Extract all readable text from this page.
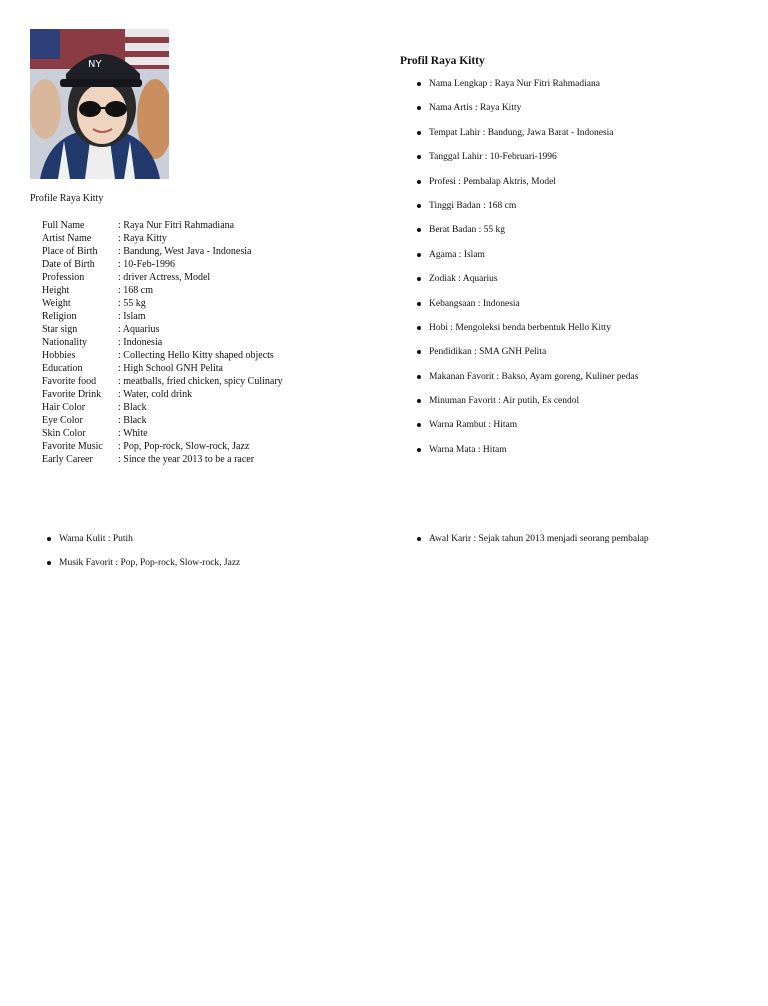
NY
Profile Raya Kitty
Full Name	: Raya Nur Fitri Rahmadiana
Artist Name	: Raya Kitty
Place of Birth	: Bandung, West Java - Indonesia
Date of Birth	: 10-Feb-1996
Profession	: driver Actress, Model
Height	: 168 cm
Weight	: 55 kg
Religion	: Islam
Star sign	: Aquarius
Nationality	: Indonesia
Hobbies	: Collecting Hello Kitty shaped objects
Education	: High School GNH Pelita
Favorite food	: meatballs, fried chicken, spicy Culinary
Favorite Drink	: Water, cold drink
Hair Color	: Black
Eye Color	: Black
Skin Color	: White
Favorite Music	: Pop, Pop-rock, Slow-rock, Jazz
Early Career	: Since the year 2013 to be a racer
Profil Raya Kitty
Nama Lengkap : Raya Nur Fitri Rahmadiana
Nama Artis : Raya Kitty
Tempat Lahir : Bandung, Jawa Barat - Indonesia
Tanggal Lahir : 10-Februari-1996
Profesi : Pembalap Aktris, Model
Tinggi Badan : 168 cm
Berat Badan : 55 kg
Agama : Islam
Zodiak : Aquarius
Kebangsaan : Indonesia
Hobi : Mengoleksi benda berbentuk Hello Kitty
Pendidikan : SMA GNH Pelita
Makanan Favorit : Bakso, Ayam goreng, Kuliner pedas
Minuman Favorit : Air putih, Es cendol
Warna Rambut : Hitam
Warna Mata : Hitam
Warna Kulit : Putih
Musik Favorit : Pop, Pop-rock, Slow-rock, Jazz
Awal Karir : Sejak tahun 2013 menjadi seorang pembalap
